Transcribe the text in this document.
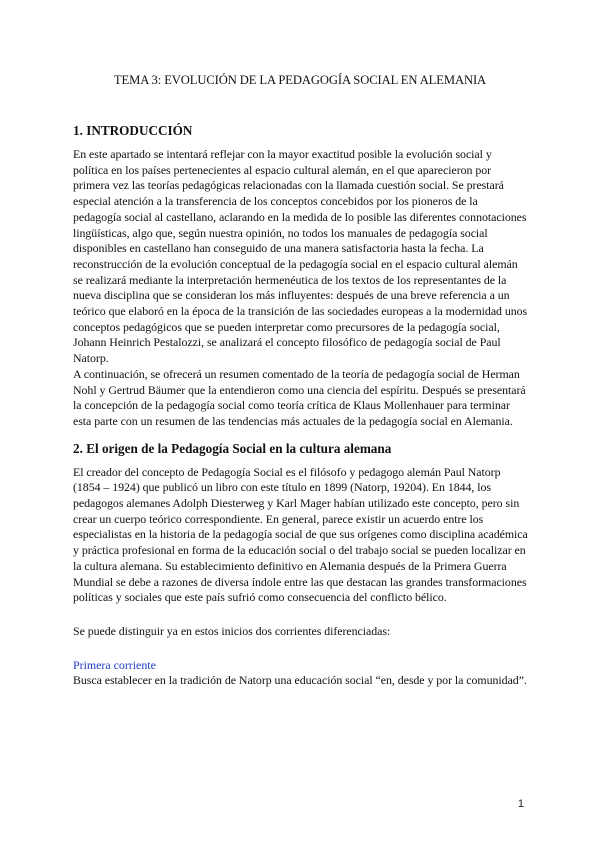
TEMA 3: EVOLUCIÓN DE LA PEDAGOGÍA SOCIAL EN ALEMANIA
1. INTRODUCCIÓN

En este apartado se intentará reflejar con la mayor exactitud posible la evolución social y política en los países pertenecientes al espacio cultural alemán, en el que aparecieron por primera vez las teorías pedagógicas relacionadas con la llamada cuestión social. Se prestará especial atención a la transferencia de los conceptos concebidos por los pioneros de la pedagogía social al castellano, aclarando en la medida de lo posible las diferentes connotaciones lingüísticas, algo que, según nuestra opinión, no todos los manuales de pedagogía social disponibles en castellano han conseguido de una manera satisfactoria hasta la fecha. La reconstrucción de la evolución conceptual de la pedagogía social en el espacio cultural alemán se realizará mediante la interpretación hermenéutica de los textos de los representantes de la nueva disciplina que se consideran los más influyentes: después de una breve referencia a un teórico que elaboró en la época de la transición de las sociedades europeas a la modernidad unos conceptos pedagógicos que se pueden interpretar como precursores de la pedagogía social, Johann Heinrich Pestalozzi, se analizará el concepto filosófico de pedagogía social de Paul Natorp.

A continuación, se ofrecerá un resumen comentado de la teoría de pedagogía social de Herman Nohl y Gertrud Bäumer que la entendieron como una ciencia del espíritu. Después se presentará la concepción de la pedagogía social como teoría crítica de Klaus Mollenhauer para terminar esta parte con un resumen de las tendencias más actuales de la pedagogía social en Alemania.

2. El origen de la Pedagogía Social en la cultura alemana

El creador del concepto de Pedagogía Social es el filósofo y pedagogo alemán Paul Natorp (1854 – 1924) que publicó un libro con este título en 1899 (Natorp, 19204). En 1844, los pedagogos alemanes Adolph Diesterweg y Karl Mager habían utilizado este concepto, pero sin crear un cuerpo teórico correspondiente. En general, parece existir un acuerdo entre los especialistas en la historia de la pedagogía social de que sus orígenes como disciplina académica y práctica profesional en forma de la educación social o del trabajo social se pueden localizar en la cultura alemana. Su establecimiento definitivo en Alemania después de la Primera Guerra Mundial se debe a razones de diversa índole entre las que destacan las grandes transformaciones políticas y sociales que este país sufrió como consecuencia del conflicto bélico.

Se puede distinguir ya en estos inicios dos corrientes diferenciadas:

Primera corriente

Busca establecer en la tradición de Natorp una educación social “en, desde y por la comunidad”.

1
